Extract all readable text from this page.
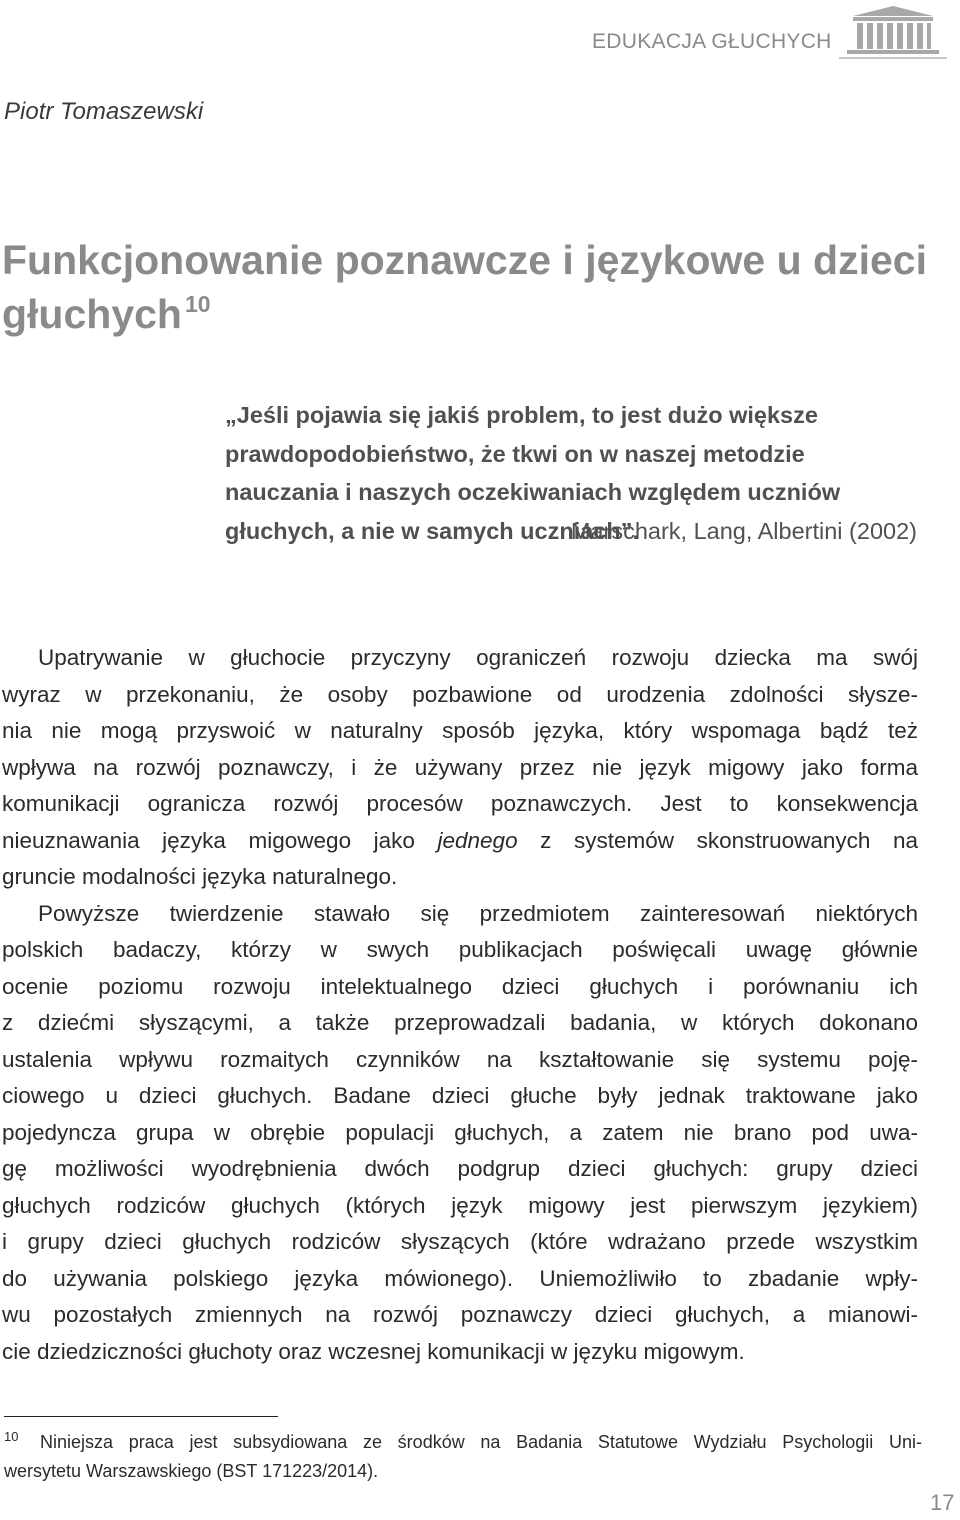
EDUKACJA GŁUCHYCH
Piotr Tomaszewski
Funkcjonowanie poznawcze i językowe u dzieci głuchych $^{10}$
„Jeśli pojawia się jakiś problem, to jest dużo większe
prawdopodobieństwo, że tkwi on w naszej metodzie
nauczania i naszych oczekiwaniach względem uczniów
głuchych, a nie w samych uczniach”.
Marschark, Lang, Albertini (2002)

Upatrywanie w głuchocie przyczyny ograniczeń rozwoju dziecka ma swój
wyraz w przekonaniu, że osoby pozbawione od urodzenia zdolności słysze-
nia nie mogą przyswoić w naturalny sposób języka, który wspomaga bądź też
wpływa na rozwój poznawczy, i że używany przez nie język migowy jako forma
komunikacji ogranicza rozwój procesów poznawczych. Jest to konsekwencja
nieuznawania języka migowego jako jednego z systemów skonstruowanych na
gruncie modalności języka naturalnego.

Powyższe twierdzenie stawało się przedmiotem zainteresowań niektórych
polskich badaczy, którzy w swych publikacjach poświęcali uwagę głównie
ocenie poziomu rozwoju intelektualnego dzieci głuchych i porównaniu ich
z dziećmi słyszącymi, a także przeprowadzali badania, w których dokonano
ustalenia wpływu rozmaitych czynników na kształtowanie się systemu poję-
ciowego u dzieci głuchych. Badane dzieci głuche były jednak traktowane jako
pojedyncza grupa w obrębie populacji głuchych, a zatem nie brano pod uwa-
gę możliwości wyodrębnienia dwóch podgrup dzieci głuchych: grupy dzieci
głuchych rodziców głuchych (których język migowy jest pierwszym językiem)
i grupy dzieci głuchych rodziców słyszących (które wdrażano przede wszystkim
do używania polskiego języka mówionego). Uniemożliwiło to zbadanie wpły-
wu pozostałych zmiennych na rozwój poznawczy dzieci głuchych, a mianowi-
cie dziedziczności głuchoty oraz wczesnej komunikacji w języku migowym.

10	Niniejsza praca jest subsydiowana ze środków na Badania Statutowe Wydziału Psychologii Uni-
wersytetu Warszawskiego (BST 171223/2014).
17
